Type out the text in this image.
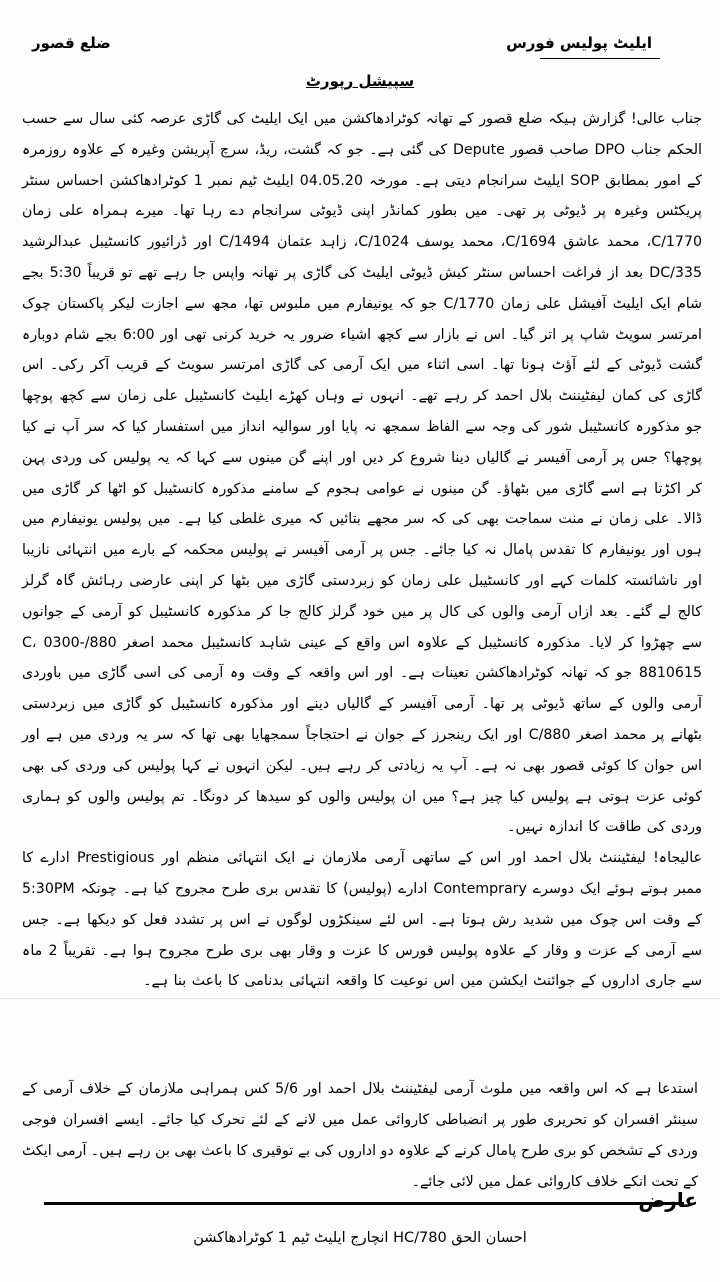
ایلیٹ پولیس فورس
ضلع قصور
سپیشل رپورٹ

جناب عالی! گزارش ہیکہ ضلع قصور کے تھانہ کوٹرادھاکشن میں ایک ایلیٹ کی گاڑی عرصہ کئی سال سے حسب الحکم جناب DPO صاحب قصور Depute کی گئی ہے۔ جو کہ گشت، ریڈ، سرچ آپریشن وغیرہ کے علاوہ روزمرہ کے امور بمطابق SOP ایلیٹ سرانجام دیتی ہے۔ مورخہ 04.05.20 ایلیٹ ٹیم نمبر 1 کوٹرادھاکشن احساس سنٹر پریکٹس وغیرہ پر ڈیوٹی پر تھی۔ میں بطور کمانڈر اپنی ڈیوٹی سرانجام دے رہا تھا۔ میرے ہمراہ علی زمان 1770/C، محمد عاشق 1694/C، محمد یوسف 1024/C، زاہد عثمان 1494/C اور ڈرائیور کانسٹیبل عبدالرشید 335/DC بعد از فراغت احساس سنٹر کیش ڈیوٹی ایلیٹ کی گاڑی پر تھانہ واپس جا رہے تھے تو قریباً 5:30 بجے شام ایک ایلیٹ آفیشل علی زمان 1770/C جو کہ یونیفارم میں ملبوس تھا، مجھ سے اجازت لیکر پاکستان چوک امرتسر سویٹ شاپ پر اتر گیا۔ اس نے بازار سے کچھ اشیاء ضرور یہ خرید کرنی تھی اور 6:00 بجے شام دوبارہ گشت ڈیوٹی کے لئے آؤٹ ہونا تھا۔ اسی اثناء میں ایک آرمی کی گاڑی امرتسر سویٹ کے قریب آکر رکی۔ اس گاڑی کی کمان لیفٹیننٹ بلال احمد کر رہے تھے۔ انہوں نے وہاں کھڑے ایلیٹ کانسٹیبل علی زمان سے کچھ پوچھا جو مذکورہ کانسٹیبل شور کی وجہ سے الفاظ سمجھ نہ پایا اور سوالیہ انداز میں استفسار کیا کہ سر آپ نے کیا پوچھا؟ جس پر آرمی آفیسر نے گالیاں دینا شروع کر دیں اور اپنے گن مینوں سے کہا کہ یہ پولیس کی وردی پہن کر اکڑتا ہے اسے گاڑی میں بٹھاؤ۔ گن مینوں نے عوامی ہجوم کے سامنے مذکورہ کانسٹیبل کو اٹھا کر گاڑی میں ڈالا۔ علی زمان نے منت سماجت بھی کی کہ سر مجھے بتائیں کہ میری غلطی کیا ہے۔ میں پولیس یونیفارم میں ہوں اور یونیفارم کا تقدس پامال نہ کیا جائے۔ جس پر آرمی آفیسر نے پولیس محکمہ کے بارے میں انتہائی نازیبا اور ناشائستہ کلمات کہے اور کانسٹیبل علی زمان کو زبردستی گاڑی میں بٹھا کر اپنی عارضی رہائش گاہ گرلز کالج لے گئے۔ بعد ازاں آرمی والوں کی کال پر میں خود گرلز کالج جا کر مذکورہ کانسٹیبل کو آرمی کے جوانوں سے چھڑوا کر لایا۔ مذکورہ کانسٹیبل کے علاوہ اس واقع کے عینی شاہد کانسٹیبل محمد اصغر 880/C، 0300-8810615 جو کہ تھانہ کوٹرادھاکشن تعینات ہے۔ اور اس واقعہ کے وقت وہ آرمی کی اسی گاڑی میں باوردی آرمی والوں کے ساتھ ڈیوٹی پر تھا۔ آرمی آفیسر کے گالیاں دینے اور مذکورہ کانسٹیبل کو گاڑی میں زبردستی بٹھانے پر محمد اصغر 880/C اور ایک رینجرز کے جوان نے احتجاجاً سمجھایا بھی تھا کہ سر یہ وردی میں ہے اور اس جوان کا کوئی قصور بھی نہ ہے۔ آپ یہ زیادتی کر رہے ہیں۔ لیکن انہوں نے کہا پولیس کی وردی کی بھی کوئی عزت ہوتی ہے پولیس کیا چیز ہے؟ میں ان پولیس والوں کو سیدھا کر دونگا۔ تم پولیس والوں کو ہماری وردی کی طاقت کا اندازہ نہیں۔

عالیجاہ! لیفٹیننٹ بلال احمد اور اس کے ساتھی آرمی ملازمان نے ایک انتہائی منظم اور Prestigious ادارے کا ممبر ہوتے ہوئے ایک دوسرے Contemprary ادارے (پولیس) کا تقدس بری طرح مجروح کیا ہے۔ چونکہ 5:30PM کے وقت اس چوک میں شدید رش ہوتا ہے۔ اس لئے سینکڑوں لوگوں نے اس پر تشدد فعل کو دیکھا ہے۔ جس سے آرمی کے عزت و وقار کے علاوہ پولیس فورس کا عزت و وقار بھی بری طرح مجروح ہوا ہے۔ تقریباً 2 ماہ سے جاری اداروں کے جوائنٹ ایکشن میں اس نوعیت کا واقعہ انتہائی بدنامی کا باعث بنا ہے۔

استدعا ہے کہ اس واقعہ میں ملوث آرمی لیفٹیننٹ بلال احمد اور 5/6 کس ہمراہی ملازمان کے خلاف آرمی کے سینئر افسران کو تحریری طور پر انضباطی کاروائی عمل میں لانے کے لئے تحرک کیا جائے۔ ایسے افسران فوجی وردی کے تشخص کو بری طرح پامال کرنے کے علاوہ دو اداروں کی بے توقیری کا باعث بھی بن رہے ہیں۔ آرمی ایکٹ کے تحت انکے خلاف کاروائی عمل میں لائی جائے۔

عارض
احسان الحق 780/HC انچارج ایلیٹ ٹیم 1 کوٹرادھاکشن
